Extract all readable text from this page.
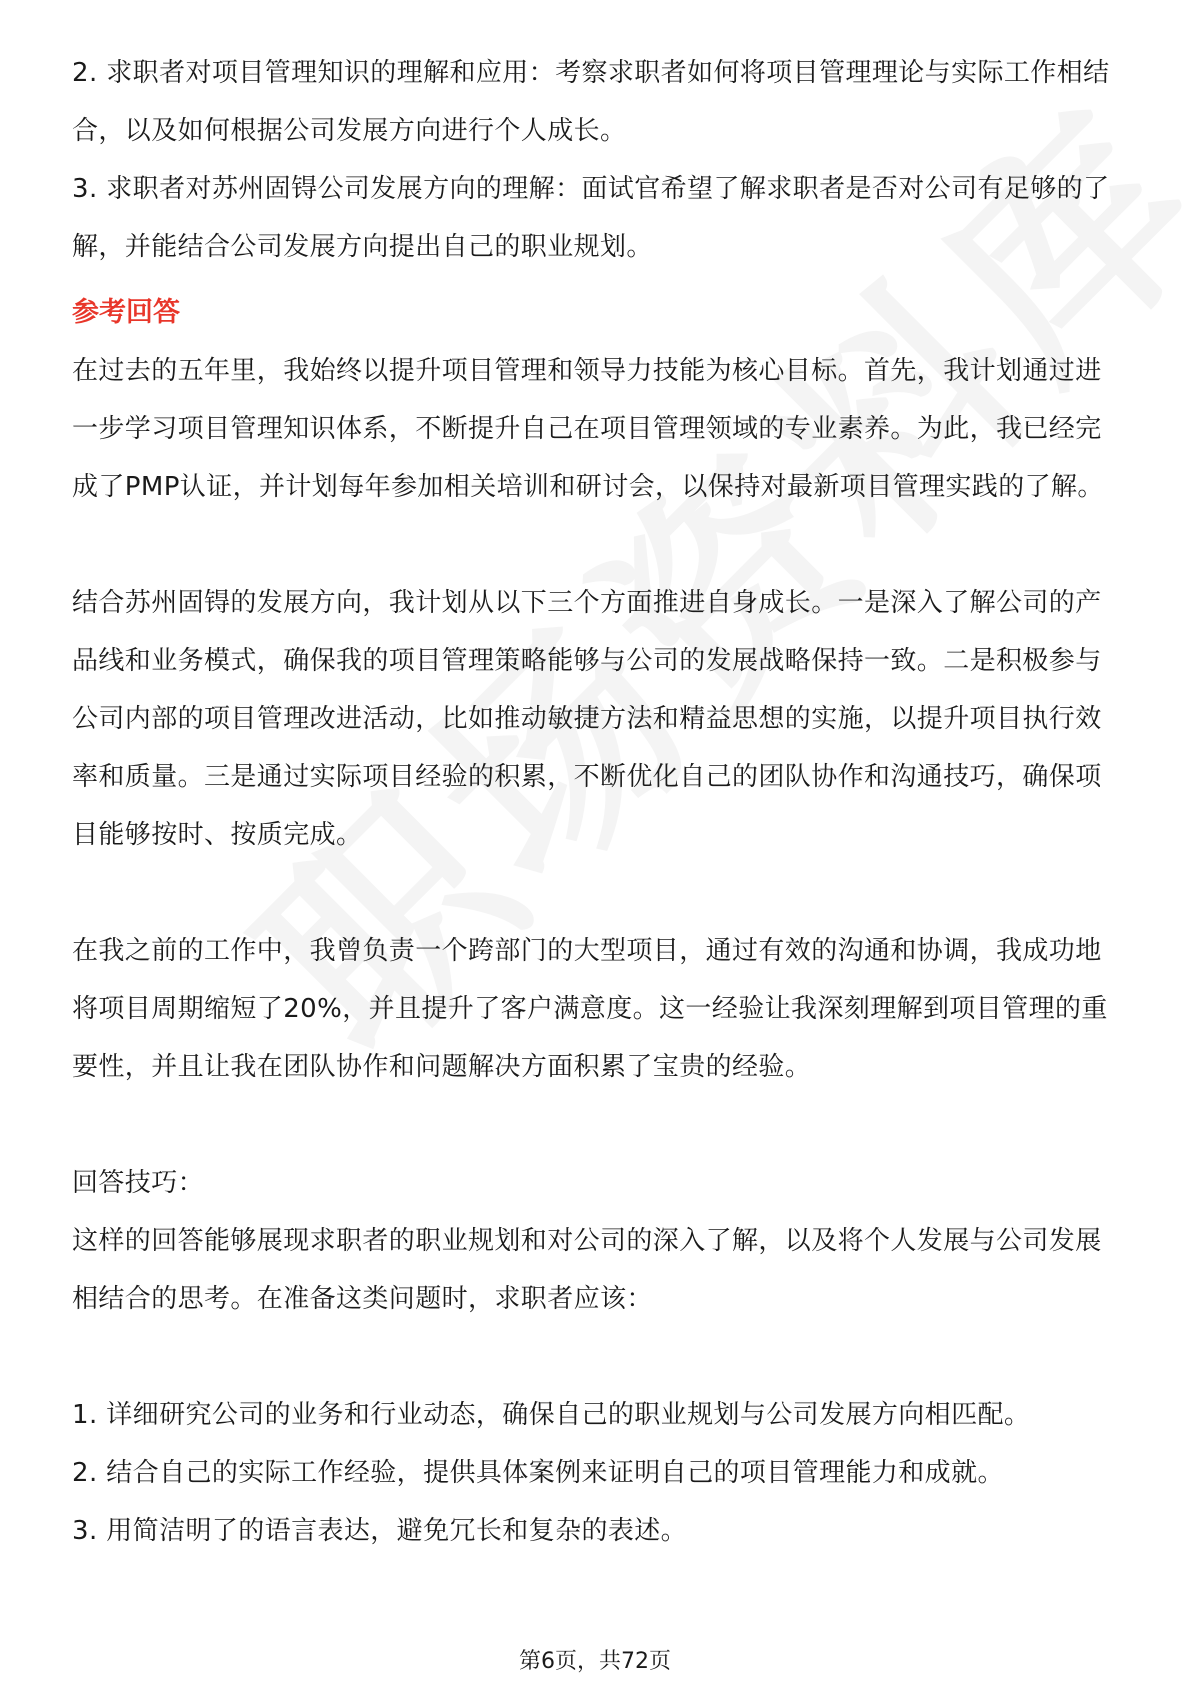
2. 求职者对项目管理知识的理解和应用：考察求职者如何将项目管理理论与实际工作相结合，以及如何根据公司发展方向进行个人成长。

3. 求职者对苏州固锝公司发展方向的理解：面试官希望了解求职者是否对公司有足够的了解，并能结合公司发展方向提出自己的职业规划。

参考回答

在过去的五年里，我始终以提升项目管理和领导力技能为核心目标。首先，我计划通过进一步学习项目管理知识体系，不断提升自己在项目管理领域的专业素养。为此，我已经完成了PMP认证，并计划每年参加相关培训和研讨会，以保持对最新项目管理实践的了解。

结合苏州固锝的发展方向，我计划从以下三个方面推进自身成长。一是深入了解公司的产品线和业务模式，确保我的项目管理策略能够与公司的发展战略保持一致。二是积极参与公司内部的项目管理改进活动，比如推动敏捷方法和精益思想的实施，以提升项目执行效率和质量。三是通过实际项目经验的积累，不断优化自己的团队协作和沟通技巧，确保项目能够按时、按质完成。

在我之前的工作中，我曾负责一个跨部门的大型项目，通过有效的沟通和协调，我成功地将项目周期缩短了20%，并且提升了客户满意度。这一经验让我深刻理解到项目管理的重要性，并且让我在团队协作和问题解决方面积累了宝贵的经验。

回答技巧：

这样的回答能够展现求职者的职业规划和对公司的深入了解，以及将个人发展与公司发展相结合的思考。在准备这类问题时，求职者应该：

1. 详细研究公司的业务和行业动态，确保自己的职业规划与公司发展方向相匹配。

2. 结合自己的实际工作经验，提供具体案例来证明自己的项目管理能力和成就。

3. 用简洁明了的语言表达，避免冗长和复杂的表述。

第6页，共72页
